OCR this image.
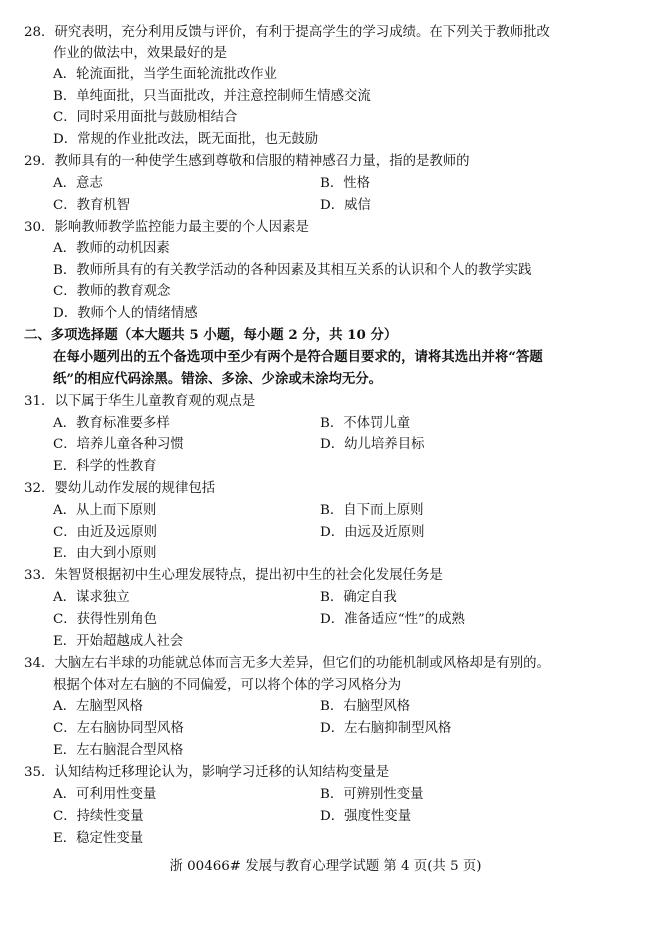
28．研究表明，充分利用反馈与评价，有利于提高学生的学习成绩。在下列关于教师批改
作业的做法中，效果最好的是
A．轮流面批，当学生面轮流批改作业
B．单纯面批，只当面批改，并注意控制师生情感交流
C．同时采用面批与鼓励相结合
D．常规的作业批改法，既无面批，也无鼓励
29．教师具有的一种使学生感到尊敬和信服的精神感召力量，指的是教师的
A．意志	B．性格
C．教育机智	D．威信
30．影响教师教学监控能力最主要的个人因素是
A．教师的动机因素
B．教师所具有的有关教学活动的各种因素及其相互关系的认识和个人的教学实践
C．教师的教育观念
D．教师个人的情绪情感
二、多项选择题（本大题共 5 小题，每小题 2 分，共 10 分）
在每小题列出的五个备选项中至少有两个是符合题目要求的，请将其选出并将“答题
纸”的相应代码涂黑。错涂、多涂、少涂或未涂均无分。
31．以下属于华生儿童教育观的观点是
A．教育标准要多样	B．不体罚儿童
C．培养儿童各种习惯	D．幼儿培养目标
E．科学的性教育
32．婴幼儿动作发展的规律包括
A．从上而下原则	B．自下而上原则
C．由近及远原则	D．由远及近原则
E．由大到小原则
33．朱智贤根据初中生心理发展特点，提出初中生的社会化发展任务是
A．谋求独立	B．确定自我
C．获得性别角色	D．准备适应“性”的成熟
E．开始超越成人社会
34．大脑左右半球的功能就总体而言无多大差异，但它们的功能机制或风格却是有别的。
根据个体对左右脑的不同偏爱，可以将个体的学习风格分为
A．左脑型风格	B．右脑型风格
C．左右脑协同型风格	D．左右脑抑制型风格
E．左右脑混合型风格
35．认知结构迁移理论认为，影响学习迁移的认知结构变量是
A．可利用性变量	B．可辨别性变量
C．持续性变量	D．强度性变量
E．稳定性变量
浙 00466# 发展与教育心理学试题 第 4 页(共 5 页)
